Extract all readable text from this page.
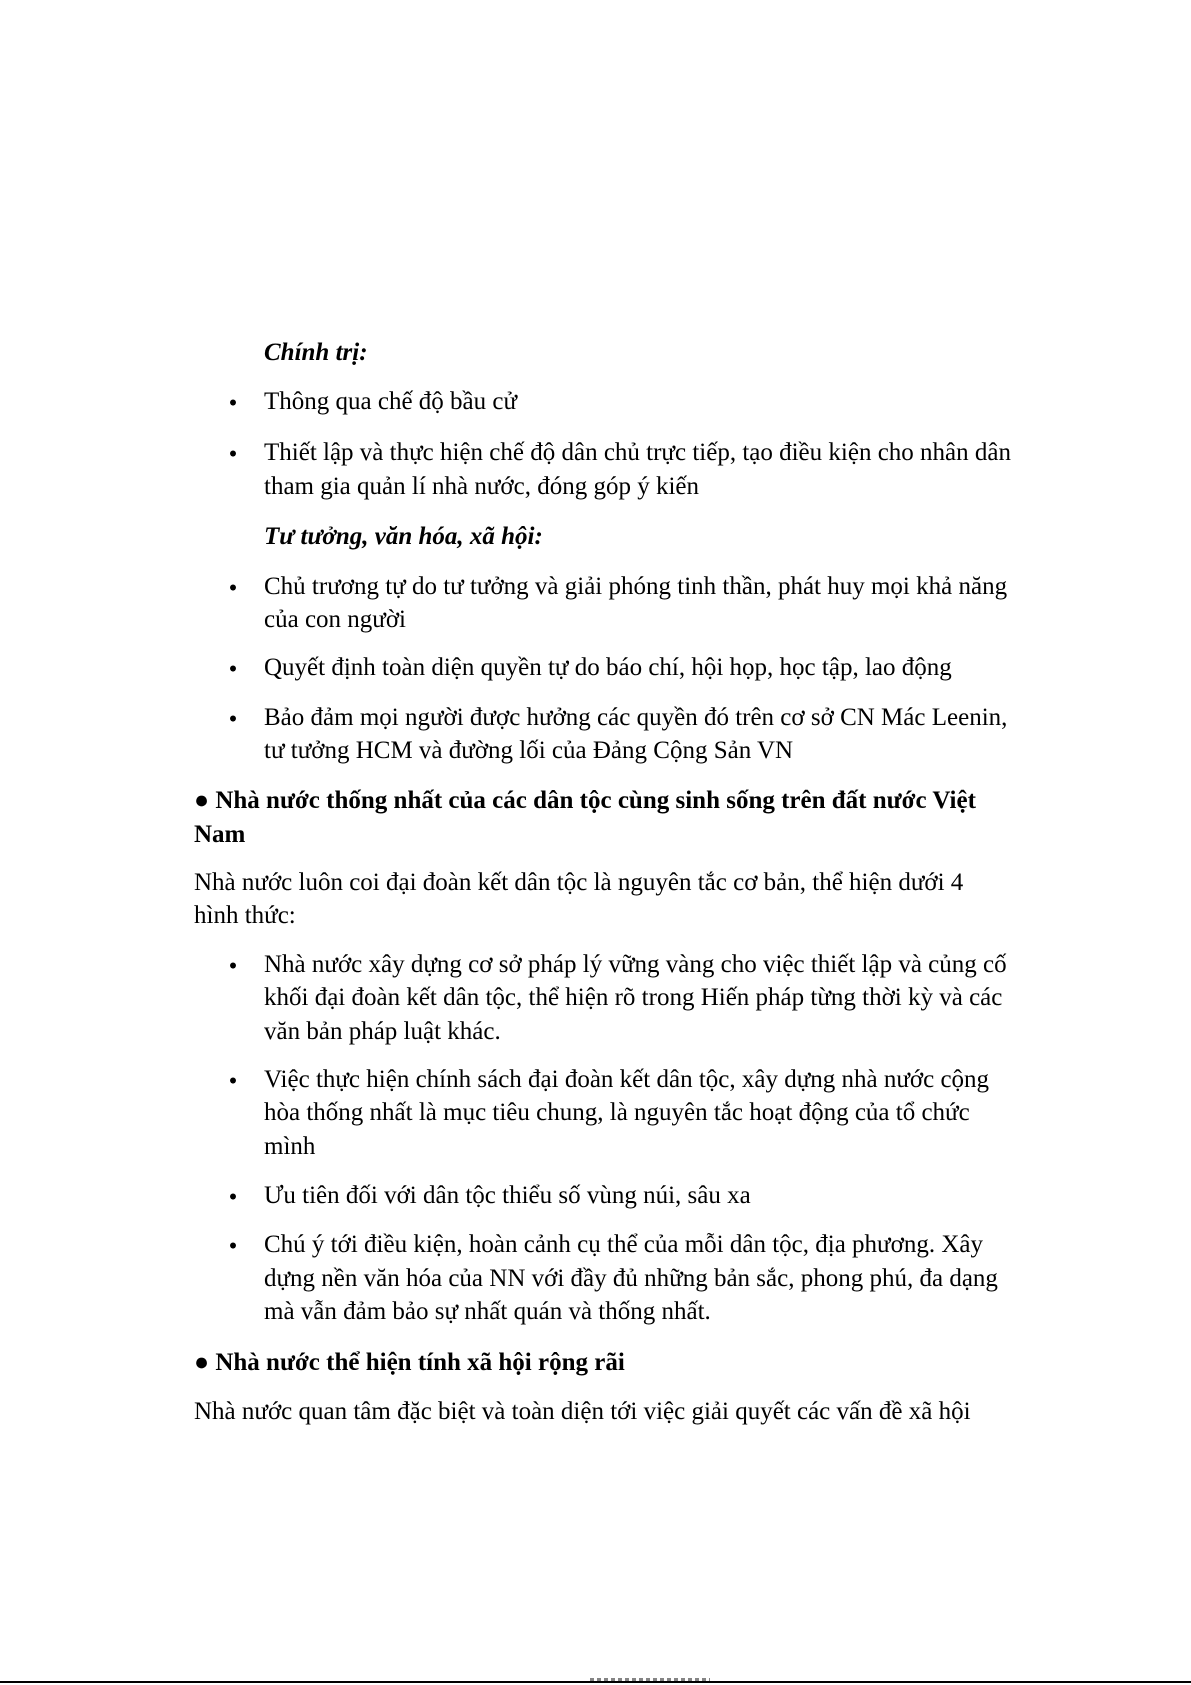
Chính trị:
• Thông qua chế độ bầu cử
• Thiết lập và thực hiện chế độ dân chủ trực tiếp, tạo điều kiện cho nhân dân
tham gia quản lí nhà nước, đóng góp ý kiến
Tư tưởng, văn hóa, xã hội:
• Chủ trương tự do tư tưởng và giải phóng tinh thần, phát huy mọi khả năng
của con người
• Quyết định toàn diện quyền tự do báo chí, hội họp, học tập, lao động
• Bảo đảm mọi người được hưởng các quyền đó trên cơ sở CN Mác Leenin,
tư tưởng HCM và đường lối của Đảng Cộng Sản VN
● Nhà nước thống nhất của các dân tộc cùng sinh sống trên đất nước Việt
Nam
Nhà nước luôn coi đại đoàn kết dân tộc là nguyên tắc cơ bản, thể hiện dưới 4
hình thức:
• Nhà nước xây dựng cơ sở pháp lý vững vàng cho việc thiết lập và củng cố
khối đại đoàn kết dân tộc, thể hiện rõ trong Hiến pháp từng thời kỳ và các
văn bản pháp luật khác.
• Việc thực hiện chính sách đại đoàn kết dân tộc, xây dựng nhà nước cộng
hòa thống nhất là mục tiêu chung, là nguyên tắc hoạt động của tổ chức
mình
• Ưu tiên đối với dân tộc thiểu số vùng núi, sâu xa
• Chú ý tới điều kiện, hoàn cảnh cụ thể của mỗi dân tộc, địa phương. Xây
dựng nền văn hóa của NN với đầy đủ những bản sắc, phong phú, đa dạng
mà vẫn đảm bảo sự nhất quán và thống nhất.
● Nhà nước thể hiện tính xã hội rộng rãi
Nhà nước quan tâm đặc biệt và toàn diện tới việc giải quyết các vấn đề xã hội
